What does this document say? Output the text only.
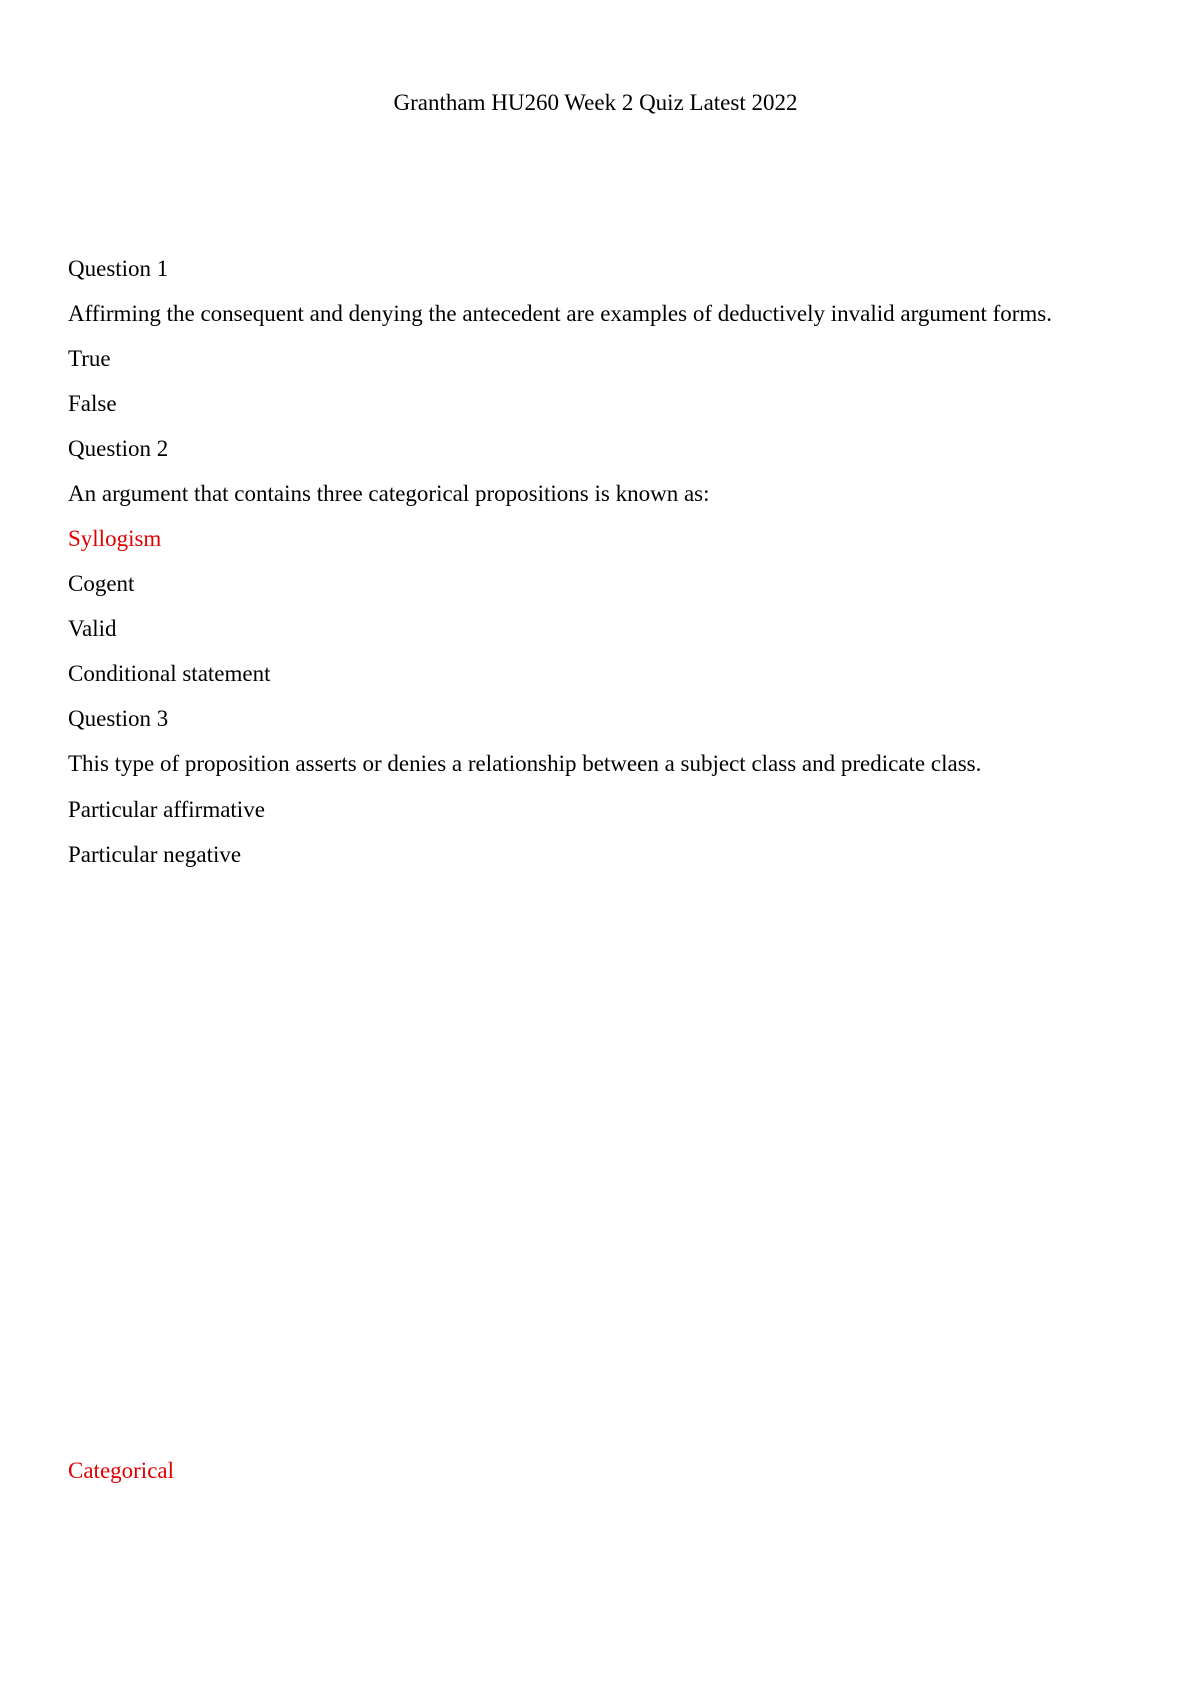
Grantham HU260 Week 2 Quiz Latest 2022

Question 1

Affirming the consequent and denying the antecedent are examples of deductively invalid argument forms.

True

False

Question 2

An argument that contains three categorical propositions is known as:

Syllogism

Cogent

Valid

Conditional statement

Question 3

This type of proposition asserts or denies a relationship between a subject class and predicate class.

Particular affirmative

Particular negative

Categorical
